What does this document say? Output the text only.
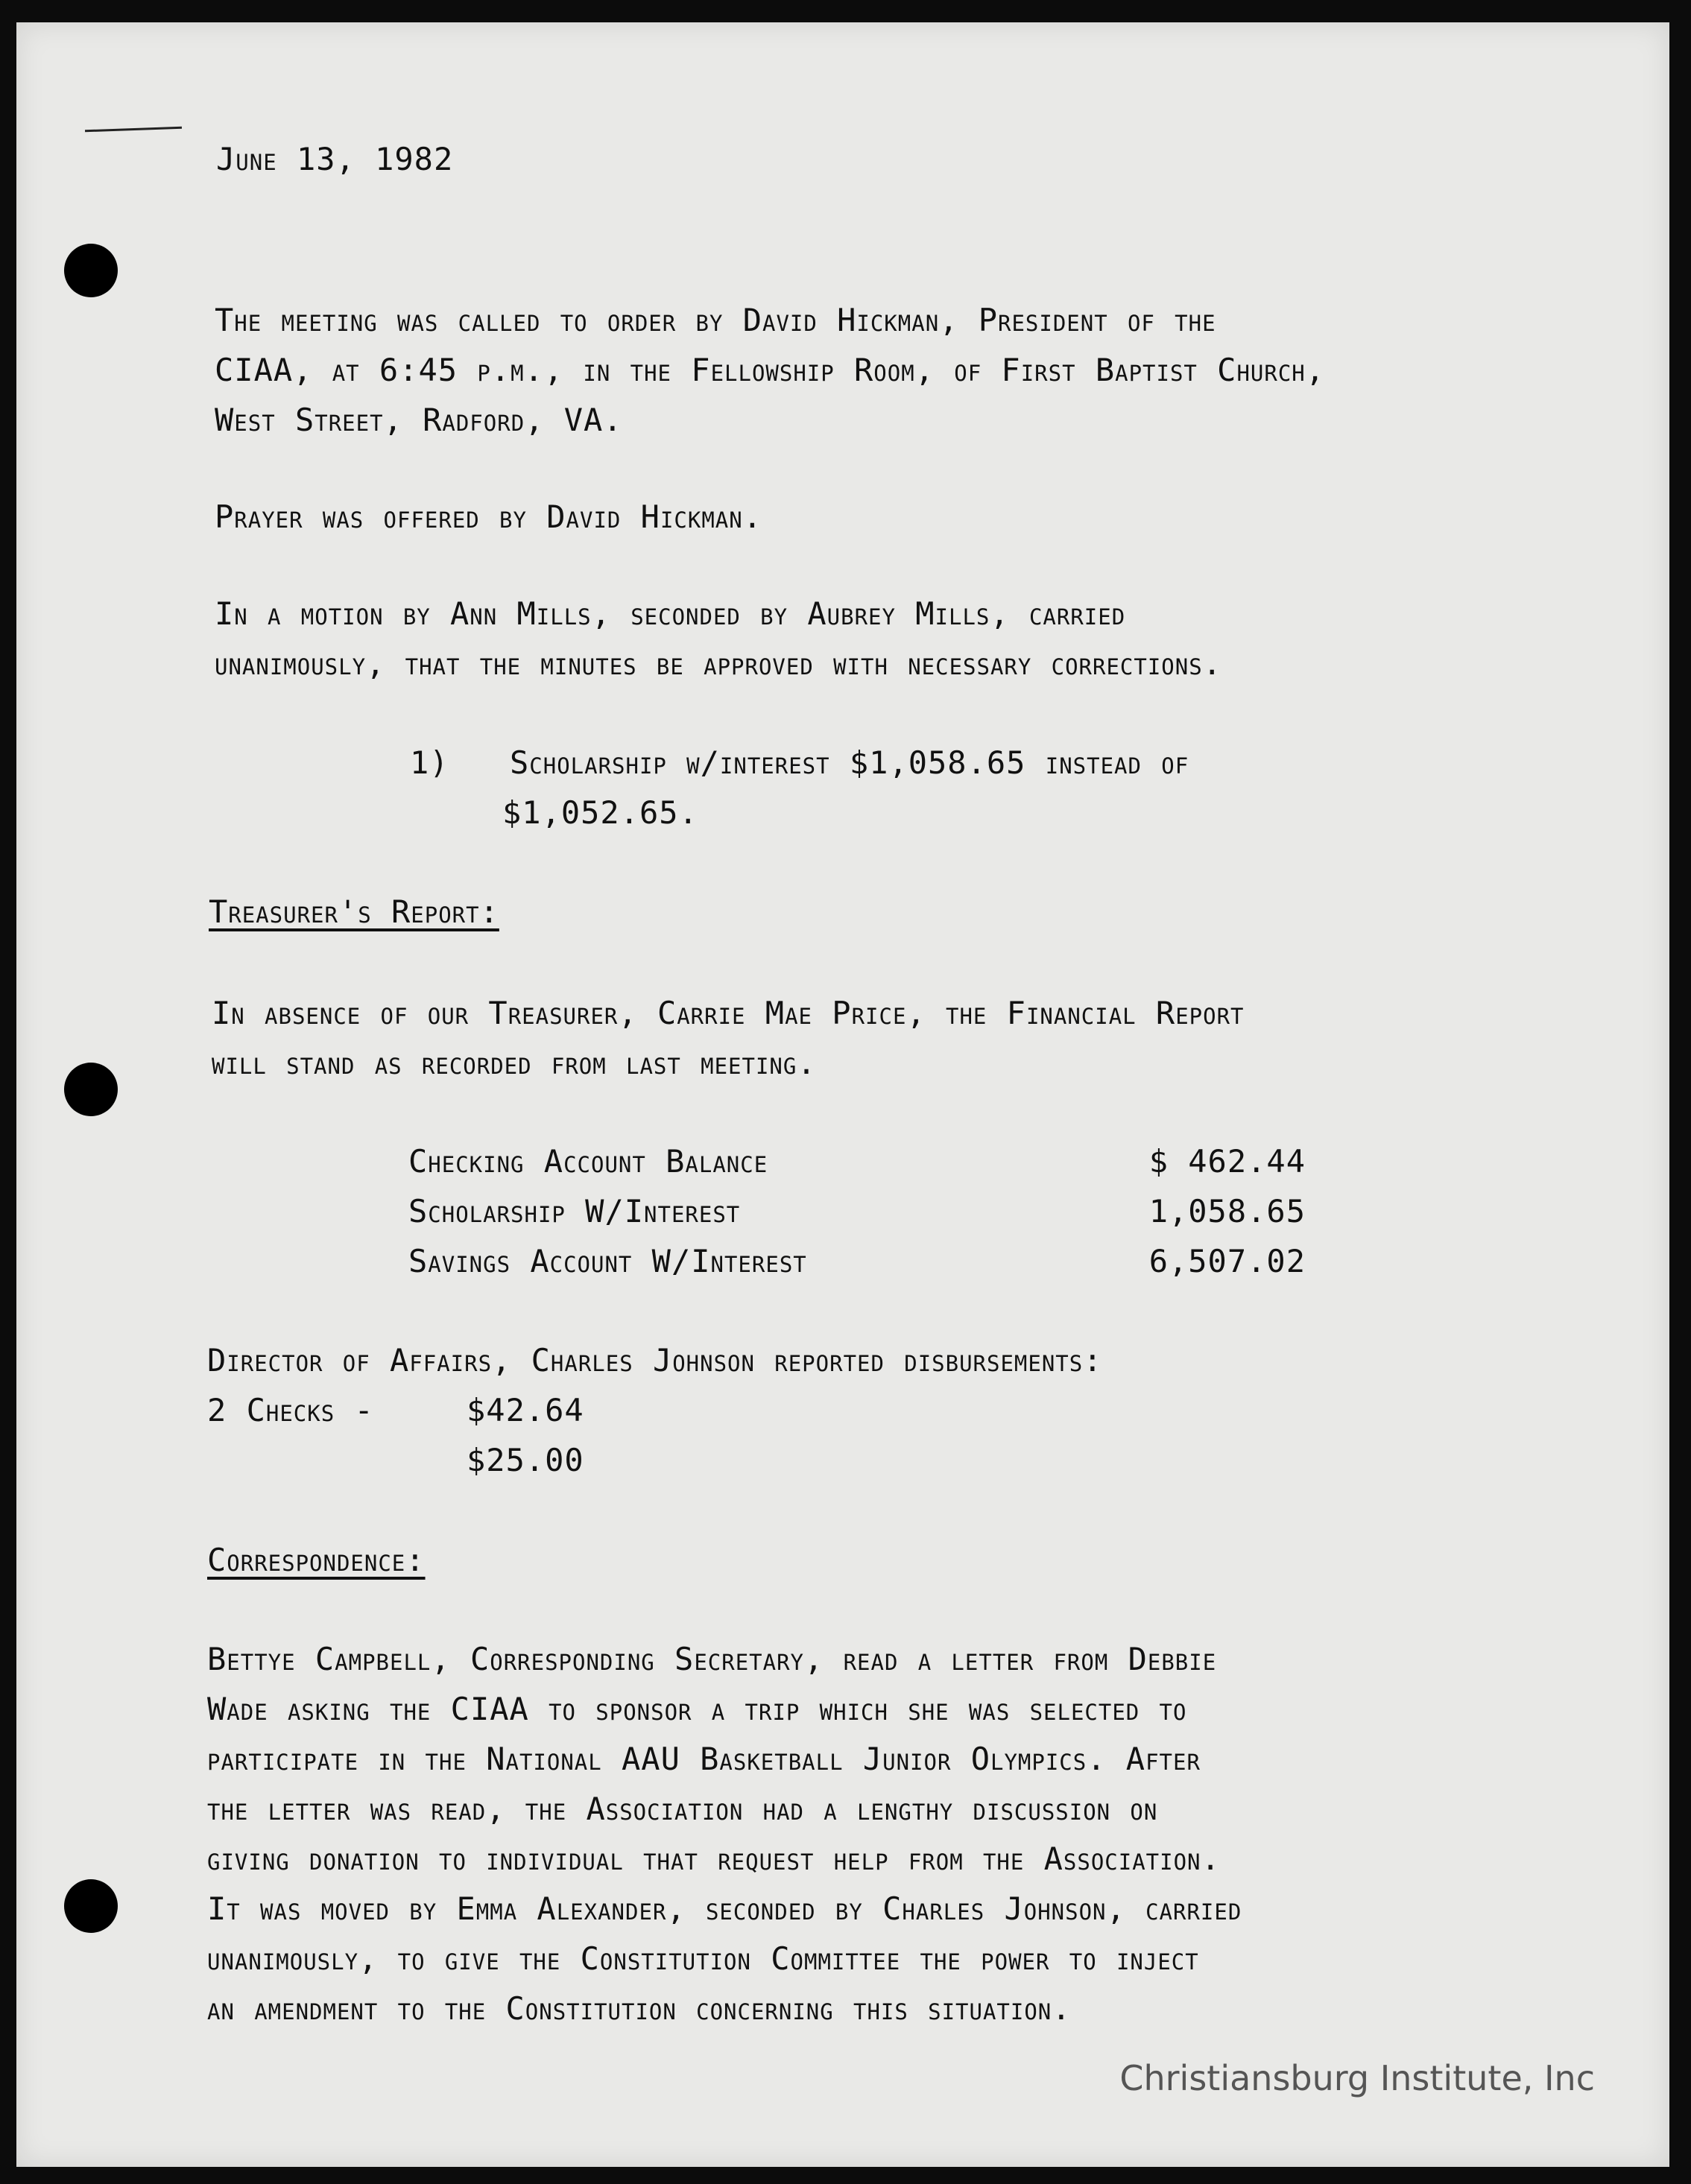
June 13, 1982

The meeting was called to order by David Hickman, President of the

CIAA, at 6:45 p.m., in the Fellowship Room, of First Baptist Church,

West Street, Radford, VA.

Prayer was offered by David Hickman.

In a motion by Ann Mills, seconded by Aubrey Mills, carried

unanimously, that the minutes be approved with necessary corrections.

1) Scholarship w/interest $1,058.65 instead of

$1,052.65.

Treasurer's Report:

In absence of our Treasurer, Carrie Mae Price, the Financial Report

will stand as recorded from last meeting.

Checking Account Balance	$ 462.44

Scholarship W/Interest	1,058.65

Savings Account W/Interest	6,507.02

Director of Affairs, Charles Johnson reported disbursements:

2 Checks -	$42.64

$25.00

Correspondence:

Bettye Campbell, Corresponding Secretary, read a letter from Debbie

Wade asking the CIAA to sponsor a trip which she was selected to

participate in the National AAU Basketball Junior Olympics. After

the letter was read, the Association had a lengthy discussion on

giving donation to individual that request help from the Association.

It was moved by Emma Alexander, seconded by Charles Johnson, carried

unanimously, to give the Constitution Committee the power to inject

an amendment to the Constitution concerning this situation.

Christiansburg Institute, Inc
